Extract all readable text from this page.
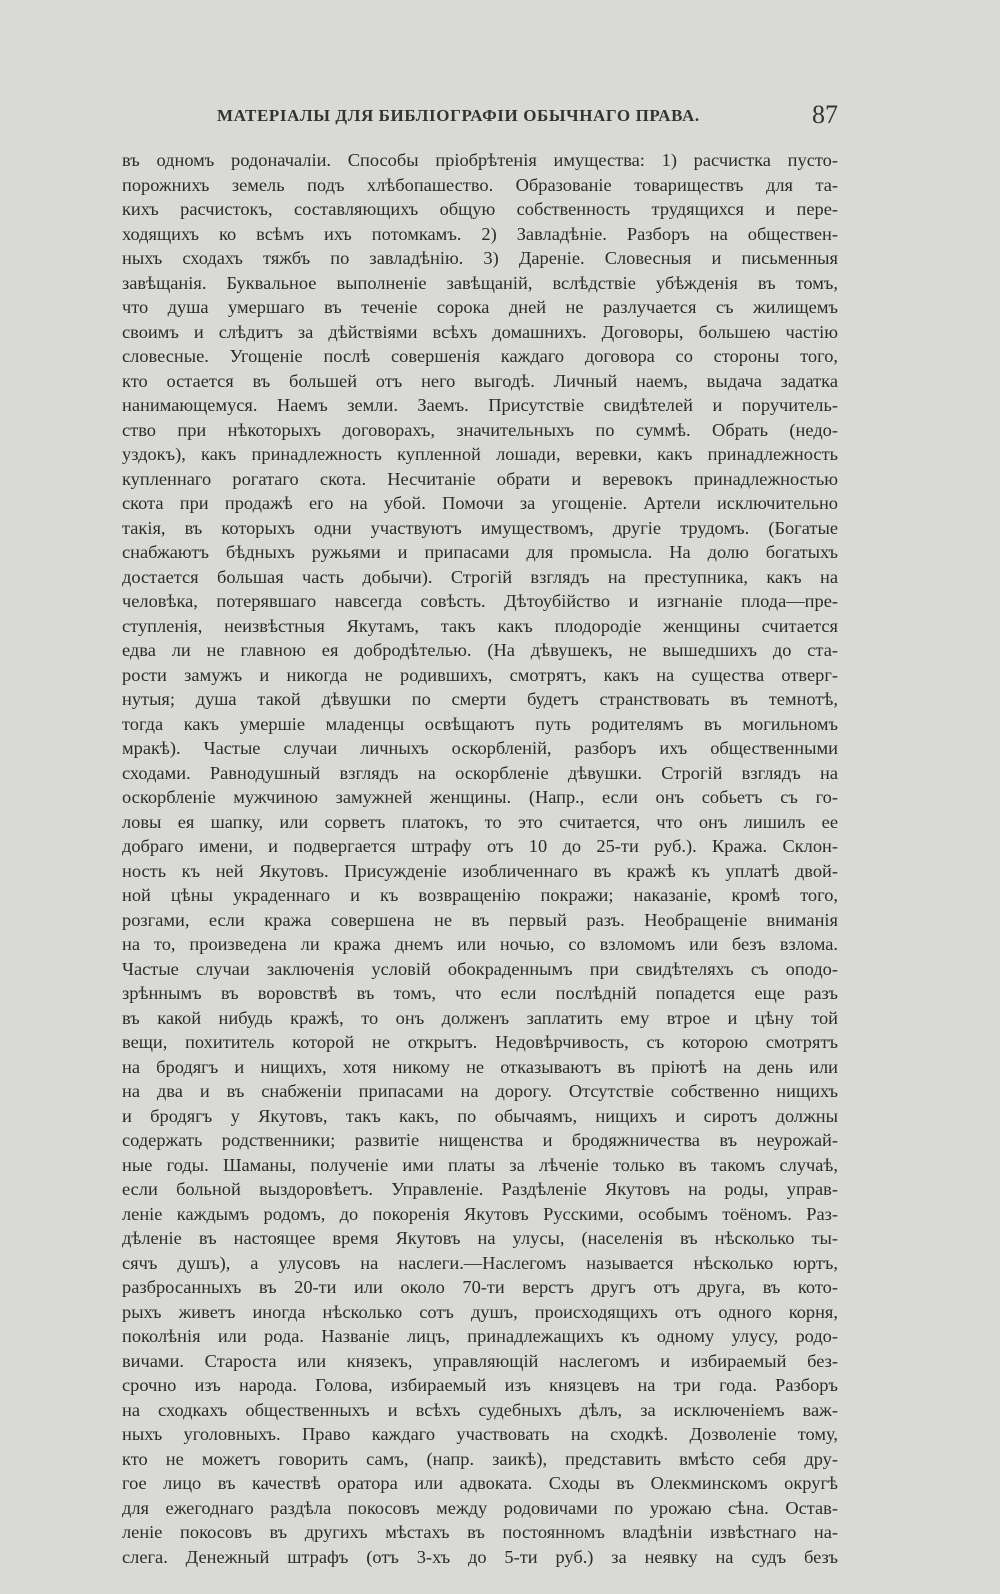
МАТЕРІАЛЫ ДЛЯ БИБЛІОГРАФІИ ОБЫЧНАГО ПРАВА.	87
въ одномъ родоначаліи. Способы пріобрѣтенія имущества: 1) расчистка пусто-
порожнихъ земель подъ хлѣбопашество. Образованіе товариществъ для та-
кихъ расчистокъ, составляющихъ общую собственность трудящихся и пере-
ходящихъ ко всѣмъ ихъ потомкамъ. 2) Завладѣніе. Разборъ на обществен-
ныхъ сходахъ тяжбъ по завладѣнію. 3) Дареніе. Словесныя и письменныя
завѣщанія. Буквальное выполненіе завѣщаній, вслѣдствіе убѣжденія въ томъ,
что душа умершаго въ теченіе сорока дней не разлучается съ жилищемъ
своимъ и слѣдитъ за дѣйствіями всѣхъ домашнихъ. Договоры, большею частію
словесные. Угощеніе послѣ совершенія каждаго договора со стороны того,
кто остается въ большей отъ него выгодѣ. Личный наемъ, выдача задатка
нанимающемуся. Наемъ земли. Заемъ. Присутствіе свидѣтелей и поручитель-
ство при нѣкоторыхъ договорахъ, значительныхъ по суммѣ. Обрать (недо-
уздокъ), какъ принадлежность купленной лошади, веревки, какъ принадлежность
купленнаго рогатаго скота. Несчитаніе обрати и веревокъ принадлежностью
скота при продажѣ его на убой. Помочи за угощеніе. Артели исключительно
такія, въ которыхъ одни участвуютъ имуществомъ, другіе трудомъ. (Богатые
снабжаютъ бѣдныхъ ружьями и припасами для промысла. На долю богатыхъ
достается большая часть добычи). Строгій взглядъ на преступника, какъ на
человѣка, потерявшаго навсегда совѣсть. Дѣтоубійство и изгнаніе плода—пре-
ступленія, неизвѣстныя Якутамъ, такъ какъ плодородіе женщины считается
едва ли не главною ея добродѣтелью. (На дѣвушекъ, не вышедшихъ до ста-
рости замужъ и никогда не родившихъ, смотрятъ, какъ на существа отверг-
нутыя; душа такой дѣвушки по смерти будетъ странствовать въ темнотѣ,
тогда какъ умершіе младенцы освѣщаютъ путь родителямъ въ могильномъ
мракѣ). Частые случаи личныхъ оскорбленій, разборъ ихъ общественными
сходами. Равнодушный взглядъ на оскорбленіе дѣвушки. Строгій взглядъ на
оскорбленіе мужчиною замужней женщины. (Напр., если онъ собьетъ съ го-
ловы ея шапку, или сорветъ платокъ, то это считается, что онъ лишилъ ее
добраго имени, и подвергается штрафу отъ 10 до 25-ти руб.). Кража. Склон-
ность къ ней Якутовъ. Присужденіе изобличеннаго въ кражѣ къ уплатѣ двой-
ной цѣны украденнаго и къ возвращенію покражи; наказаніе, кромѣ того,
розгами, если кража совершена не въ первый разъ. Необращеніе вниманія
на то, произведена ли кража днемъ или ночью, со взломомъ или безъ взлома.
Частые случаи заключенія условій обокраденнымъ при свидѣтеляхъ съ оподо-
зрѣннымъ въ воровствѣ въ томъ, что если послѣдній попадется еще разъ
въ какой нибудь кражѣ, то онъ долженъ заплатить ему втрое и цѣну той
вещи, похититель которой не открытъ. Недовѣрчивость, съ которою смотрятъ
на бродягъ и нищихъ, хотя никому не отказываютъ въ пріютѣ на день или
на два и въ снабженіи припасами на дорогу. Отсутствіе собственно нищихъ
и бродягъ у Якутовъ, такъ какъ, по обычаямъ, нищихъ и сиротъ должны
содержать родственники; развитіе нищенства и бродяжничества въ неурожай-
ные годы. Шаманы, полученіе ими платы за лѣченіе только въ такомъ случаѣ,
если больной выздоровѣетъ. Управленіе. Раздѣленіе Якутовъ на роды, управ-
леніе каждымъ родомъ, до покоренія Якутовъ Русскими, особымъ тоёномъ. Раз-
дѣленіе въ настоящее время Якутовъ на улусы, (населенія въ нѣсколько ты-
сячъ душъ), а улусовъ на наслеги.—Наслегомъ называется нѣсколько юртъ,
разбросанныхъ въ 20-ти или около 70-ти верстъ другъ отъ друга, въ кото-
рыхъ живетъ иногда нѣсколько сотъ душъ, происходящихъ отъ одного корня,
поколѣнія или рода. Названіе лицъ, принадлежащихъ къ одному улусу, родо-
вичами. Староста или князекъ, управляющій наслегомъ и избираемый без-
срочно изъ народа. Голова, избираемый изъ князцевъ на три года. Разборъ
на сходкахъ общественныхъ и всѣхъ судебныхъ дѣлъ, за исключеніемъ важ-
ныхъ уголовныхъ. Право каждаго участвовать на сходкѣ. Дозволеніе тому,
кто не можетъ говорить самъ, (напр. заикѣ), представить вмѣсто себя дру-
гое лицо въ качествѣ оратора или адвоката. Сходы въ Олекминскомъ округѣ
для ежегоднаго раздѣла покосовъ между родовичами по урожаю сѣна. Остав-
леніе покосовъ въ другихъ мѣстахъ въ постоянномъ владѣніи извѣстнаго на-
слега. Денежный штрафъ (отъ 3-хъ до 5-ти руб.) за неявку на судъ безъ
